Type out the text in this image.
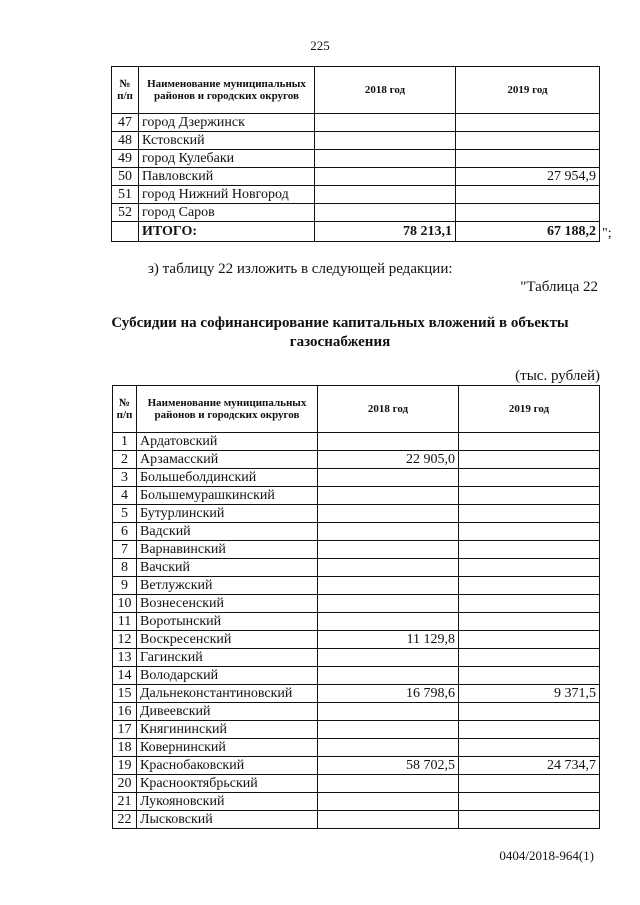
225
№ п/п	Наименование муниципальных районов и городских округов	2018 год	2019 год
47	город Дзержинск		
48	Кстовский		
49	город Кулебаки		
50	Павловский		27 954,9
51	город Нижний Новгород		
52	город Саров		
	ИТОГО:	78 213,1	67 188,2 ";
з) таблицу 22 изложить в следующей редакции:
"Таблица 22
Субсидии на софинансирование капитальных вложений в объекты газоснабжения
(тыс. рублей)
№ п/п	Наименование муниципальных районов и городских округов	2018 год	2019 год
1	Ардатовский		
2	Арзамасский	22 905,0	
3	Большеболдинский		
4	Большемурашкинский		
5	Бутурлинский		
6	Вадский		
7	Варнавинский		
8	Вачский		
9	Ветлужский		
10	Вознесенский		
11	Воротынский		
12	Воскресенский	11 129,8	
13	Гагинский		
14	Володарский		
15	Дальнеконстантиновский	16 798,6	9 371,5
16	Дивеевский		
17	Княгининский		
18	Ковернинский		
19	Краснобаковский	58 702,5	24 734,7
20	Краснооктябрьский		
21	Лукояновский		
22	Лысковский		
0404/2018-964(1)
